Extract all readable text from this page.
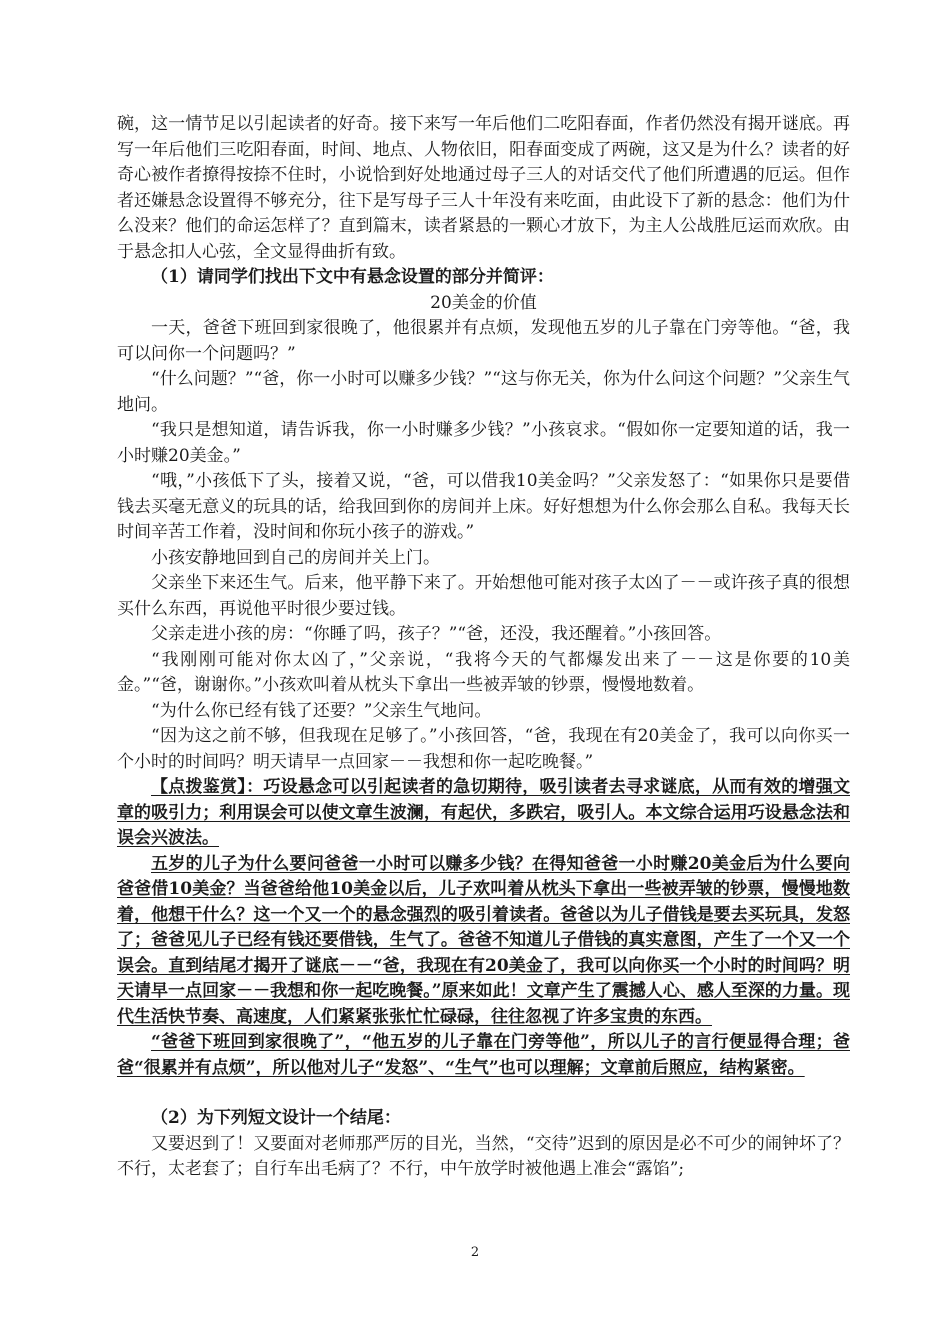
碗，这一情节足以引起读者的好奇。接下来写一年后他们二吃阳春面，作者仍然没有揭开谜底。再写一年后他们三吃阳春面，时间、地点、人物依旧，阳春面变成了两碗，这又是为什么？读者的好奇心被作者撩得按捺不住时，小说恰到好处地通过母子三人的对话交代了他们所遭遇的厄运。但作者还嫌悬念设置得不够充分，往下是写母子三人十年没有来吃面，由此设下了新的悬念：他们为什么没来？他们的命运怎样了？直到篇末，读者紧悬的一颗心才放下，为主人公战胜厄运而欢欣。由于悬念扣人心弦，全文显得曲折有致。

（1）请同学们找出下文中有悬念设置的部分并简评：

20美金的价值

一天，爸爸下班回到家很晚了，他很累并有点烦，发现他五岁的儿子靠在门旁等他。“爸，我可以问你一个问题吗？”

“什么问题？”“爸，你一小时可以赚多少钱？”“这与你无关，你为什么问这个问题？”父亲生气地问。

“我只是想知道，请告诉我，你一小时赚多少钱？”小孩哀求。“假如你一定要知道的话，我一小时赚20美金。”

“哦，”小孩低下了头，接着又说，“爸，可以借我10美金吗？”父亲发怒了：“如果你只是要借钱去买毫无意义的玩具的话，给我回到你的房间并上床。好好想想为什么你会那么自私。我每天长时间辛苦工作着，没时间和你玩小孩子的游戏。”

小孩安静地回到自己的房间并关上门。

父亲坐下来还生气。后来，他平静下来了。开始想他可能对孩子太凶了－－或许孩子真的很想买什么东西，再说他平时很少要过钱。

父亲走进小孩的房：“你睡了吗，孩子？”“爸，还没，我还醒着。”小孩回答。

“我刚刚可能对你太凶了，”父亲说，“我将今天的气都爆发出来了－－这是你要的10美金。”“爸，谢谢你。”小孩欢叫着从枕头下拿出一些被弄皱的钞票，慢慢地数着。

“为什么你已经有钱了还要？”父亲生气地问。

“因为这之前不够，但我现在足够了。”小孩回答，“爸，我现在有20美金了，我可以向你买一个小时的时间吗？明天请早一点回家－－我想和你一起吃晚餐。”

【点拨鉴赏】：巧设悬念可以引起读者的急切期待，吸引读者去寻求谜底，从而有效的增强文章的吸引力；利用误会可以使文章生波澜，有起伏，多跌宕，吸引人。本文综合运用巧设悬念法和误会兴波法。

五岁的儿子为什么要问爸爸一小时可以赚多少钱？在得知爸爸一小时赚20美金后为什么要向爸爸借10美金？当爸爸给他10美金以后，儿子欢叫着从枕头下拿出一些被弄皱的钞票，慢慢地数着，他想干什么？这一个又一个的悬念强烈的吸引着读者。爸爸以为儿子借钱是要去买玩具，发怒了；爸爸见儿子已经有钱还要借钱，生气了。爸爸不知道儿子借钱的真实意图，产生了一个又一个误会。直到结尾才揭开了谜底－－“爸，我现在有20美金了，我可以向你买一个小时的时间吗？明天请早一点回家－－我想和你一起吃晚餐。”原来如此！文章产生了震撼人心、感人至深的力量。现代生活快节奏、高速度，人们紧紧张张忙忙碌碌，往往忽视了许多宝贵的东西。

“爸爸下班回到家很晚了”，“他五岁的儿子靠在门旁等他”，所以儿子的言行便显得合理；爸爸“很累并有点烦”，所以他对儿子“发怒”、“生气”也可以理解；文章前后照应，结构紧密。

（2）为下列短文设计一个结尾：

又要迟到了！又要面对老师那严厉的目光，当然，“交待”迟到的原因是必不可少的闹钟坏了？不行，太老套了；自行车出毛病了？不行，中午放学时被他遇上准会“露馅”;

2
